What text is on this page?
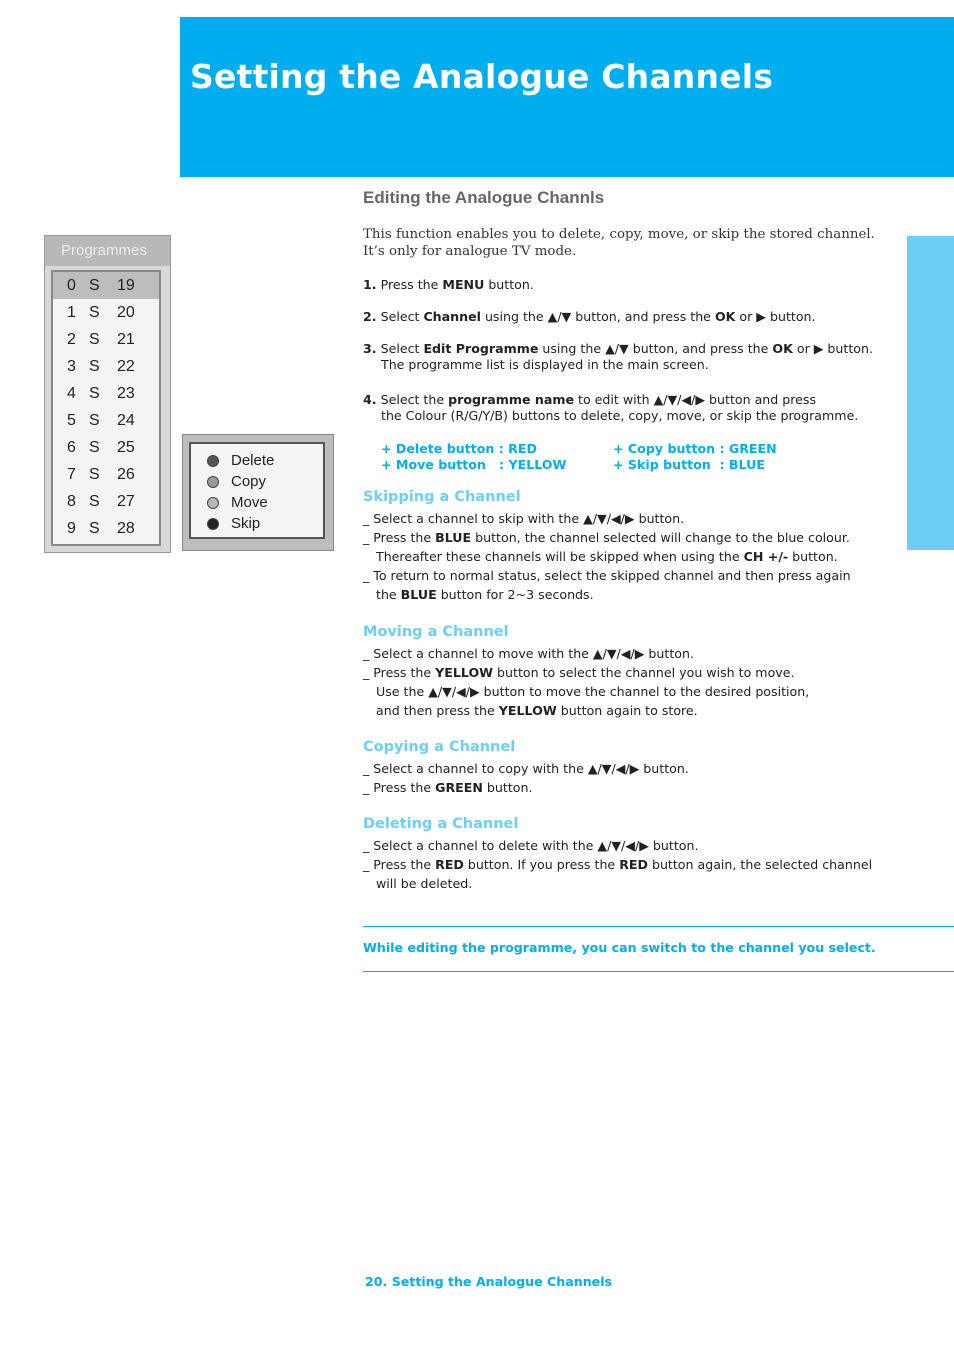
Setting the Analogue Channels
Editing the Analogue Channls
This function enables you to delete, copy, move, or skip the stored channel. It’s only for analogue TV mode.
1. Press the MENU button.
2. Select Channel using the ▲/▼ button, and press the OK or ▶ button.
3. Select Edit Programme using the ▲/▼ button, and press the OK or ▶ button.
The programme list is displayed in the main screen.
4. Select the programme name to edit with ▲/▼/◀/▶ button and press
the Colour (R/G/Y/B) buttons to delete, copy, move, or skip the programme.
+ Delete button : RED	+ Copy button : GREEN
+ Move button   : YELLOW	+ Skip button  : BLUE
Skipping a Channel
_ Select a channel to skip with the ▲/▼/◀/▶ button.
_ Press the BLUE button, the channel selected will change to the blue colour.
Thereafter these channels will be skipped when using the CH +/- button.
_ To return to normal status, select the skipped channel and then press again
the BLUE button for 2~3 seconds.
Moving a Channel
_ Select a channel to move with the ▲/▼/◀/▶ button.
_ Press the YELLOW button to select the channel you wish to move.
Use the ▲/▼/◀/▶ button to move the channel to the desired position,
and then press the YELLOW button again to store.
Copying a Channel
_ Select a channel to copy with the ▲/▼/◀/▶ button.
_ Press the GREEN button.
Deleting a Channel
_ Select a channel to delete with the ▲/▼/◀/▶ button.
_ Press the RED button. If you press the RED button again, the selected channel
will be deleted.
While editing the programme, you can switch to the channel you select.
20. Setting the Analogue Channels
Programmes
0 S	19
1 S	20
2 S	21
3 S	22
4 S	23
5 S	24
6 S	25
7 S	26
8 S	27
9 S	28
Delete
Copy
Move
Skip
